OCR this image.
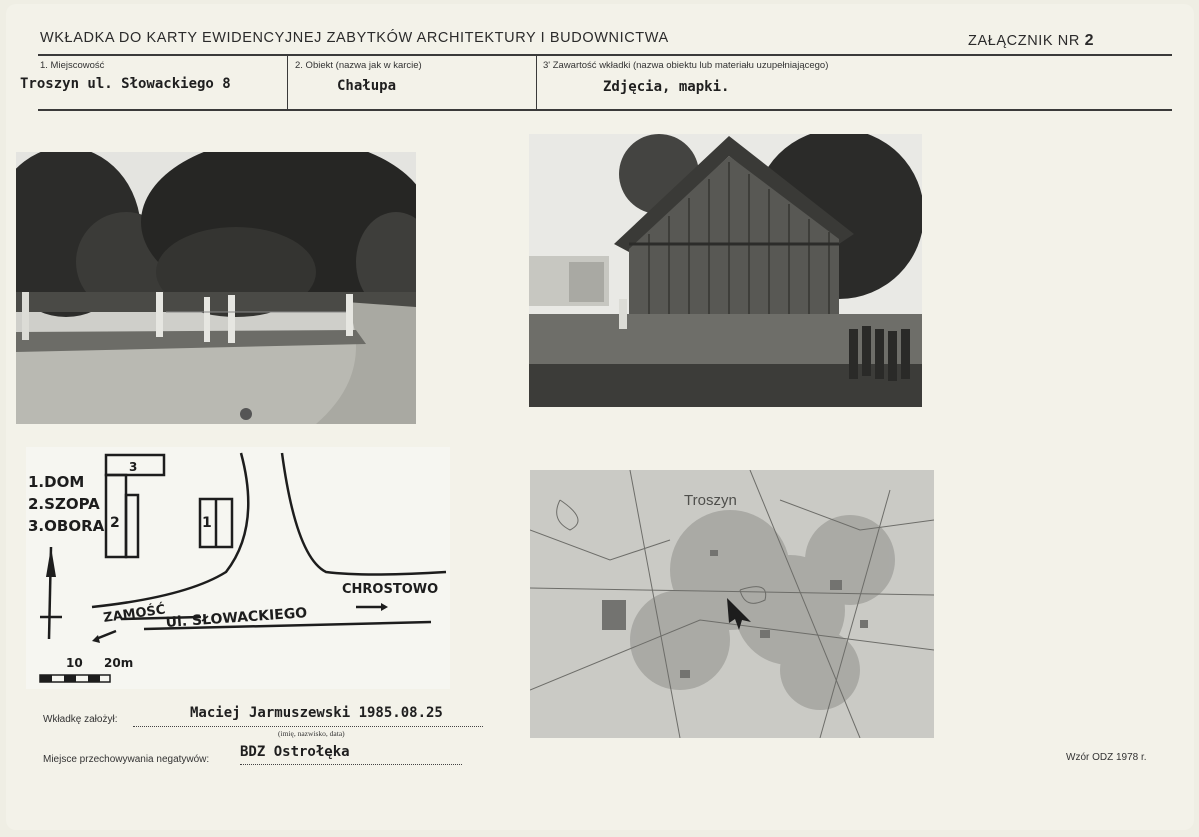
WKŁADKA DO KARTY EWIDENCYJNEJ ZABYTKÓW ARCHITEKTURY I BUDOWNICTWA	ZAŁĄCZNIK NR 2
1. Miejscowość
Troszyn ul. Słowackiego 8
2. Obiekt (nazwa jak w karcie)
Chałupa
3' Zawartość wkładki (nazwa obiektu lub materiału uzupełniającego)
Zdjęcia, mapki.
1.DOM
2.SZOPA
3.OBORA
3
2	1
ZAMOŚĆ
Ul. SŁOWACKIEGO
CHROSTOWO
10 20m
Troszyn
Wkładkę założył:	Maciej Jarmuszewski 1985.08.25
(imię, nazwisko, data)
Miejsce przechowywania negatywów: BDZ Ostrołęka	Wzór ODZ 1978 r.
